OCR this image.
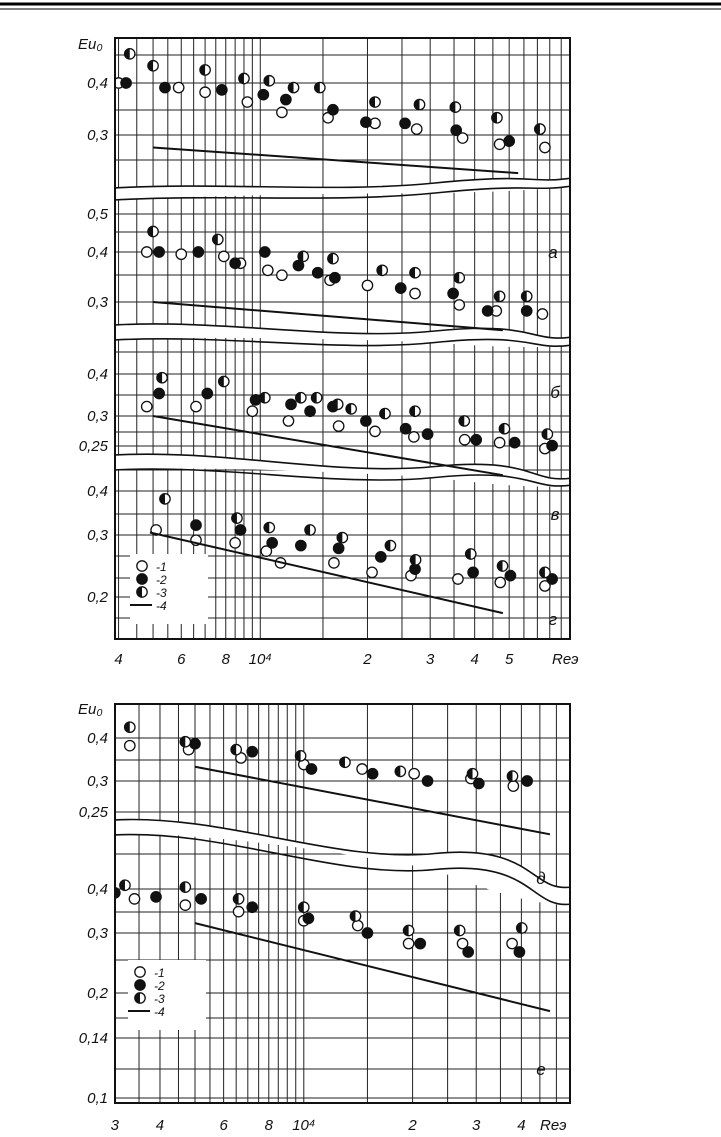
Eu₀
0,4
0,3
0,5
0,4
0,3
0,4
0,3
0,25
0,4
0,3
0,2
4	6 8 10⁴	2	3 4 5	Reэ
а
б
в
г
-1
-2
-3
-4
Eu₀
0,4
0,3
0,25
0,4
0,3
0,2
0,14
0,1
3 4	6 8 10⁴	2	3 4 Reэ
д
е
-1
-2
-3
-4
